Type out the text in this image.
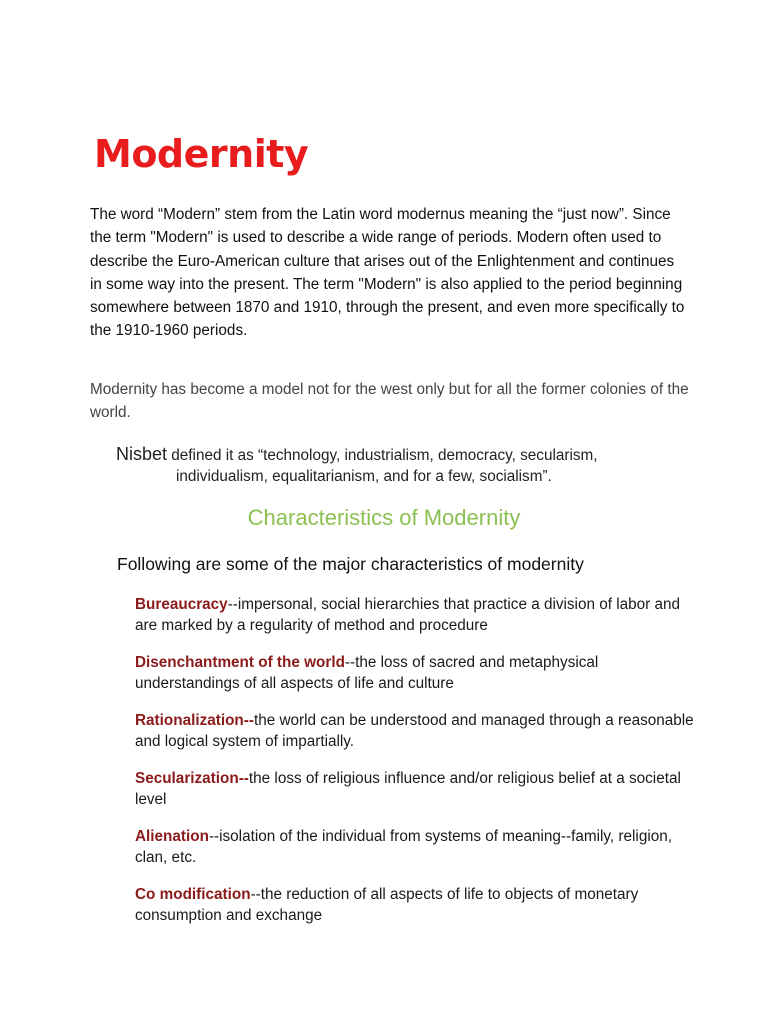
Modernity

The word “Modern” stem from the Latin word modernus meaning the “just now”. Since the term "Modern" is used to describe a wide range of periods. Modern often used to describe the Euro-American culture that arises out of the Enlightenment and continues in some way into the present. The term "Modern" is also applied to the period beginning somewhere between 1870 and 1910, through the present, and even more specifically to the 1910-1960 periods.

Modernity has become a model not for the west only but for all the former colonies of the world.

Nisbet defined it as “technology, industrialism, democracy, secularism,
individualism, equalitarianism, and for a few, socialism”.

Characteristics of Modernity

Following are some of the major characteristics of modernity

Bureaucracy--impersonal, social hierarchies that practice a division of labor and are marked by a regularity of method and procedure
Disenchantment of the world--the loss of sacred and metaphysical understandings of all aspects of life and culture
Rationalization--the world can be understood and managed through a reasonable and logical system of impartially.
Secularization--the loss of religious influence and/or religious belief at a societal level
Alienation--isolation of the individual from systems of meaning--family, religion, clan, etc.
Co modification--the reduction of all aspects of life to objects of monetary consumption and exchange
